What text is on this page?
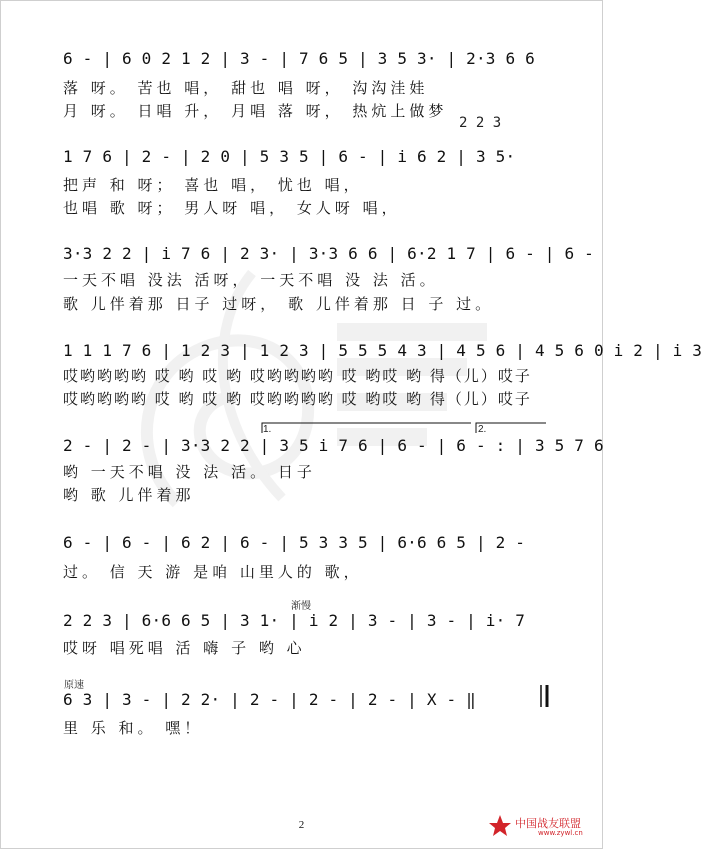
6 - | 6 0 2 1 2 | 3 - | 7 6 5 | 3 5 3· | 2·3 6 6
落 呀。 苦也 唱， 甜也 唱 呀， 沟沟洼娃
月 呀。 日唱 升， 月唱 落 呀， 热炕上做梦
2 2 3
1 7 6 | 2 - | 2 0 | 5 3 5 | 6 - | i 6 2 | 3 5·
把声 和 呀； 喜也 唱， 忧也 唱，
也唱 歌 呀； 男人呀 唱， 女人呀 唱，
3·3 2 2 | i 7 6 | 2 3· | 3·3 6 6 | 6·2 1 7 | 6 - | 6 -
一天不唱 没法 活呀， 一天不唱 没 法 活。
歌 儿伴着那 日子 过呀， 歌 儿伴着那 日 子 过。
1 1 1 7 6 | 1 2 3 | 1 2 3 | 5 5 5 4 3 | 4 5 6 | 4 5 6 0 i 2 | i 3
哎哟哟哟哟 哎 哟 哎 哟 哎哟哟哟哟 哎 哟哎 哟 得（儿）哎子
哎哟哟哟哟 哎 哟 哎 哟 哎哟哟哟哟 哎 哟哎 哟 得（儿）哎子
1.	2.
2 - | 2 - | 3·3 2 2 | 3 5 i 7 6 | 6 - | 6 - : | 3 5 7 6
哟 一天不唱 没 法 活。 日子
哟 歌 儿伴着那
6 - | 6 - | 6 2 | 6 - | 5 3 3 5 | 6·6 6 5 | 2 -
过。 信 天 游 是咱 山里人的 歌，
渐慢
2 2 3 | 6·6 6 5 | 3 1· | i 2 | 3 - | 3 - | i· 7
哎呀 唱死唱 活 嗨 子 哟 心
原速
6 3 | 3 - | 2 2· | 2 - | 2 - | 2 - | X - ‖
里 乐 和。 嘿！
2	中国战友联盟
www.zywl.cn
